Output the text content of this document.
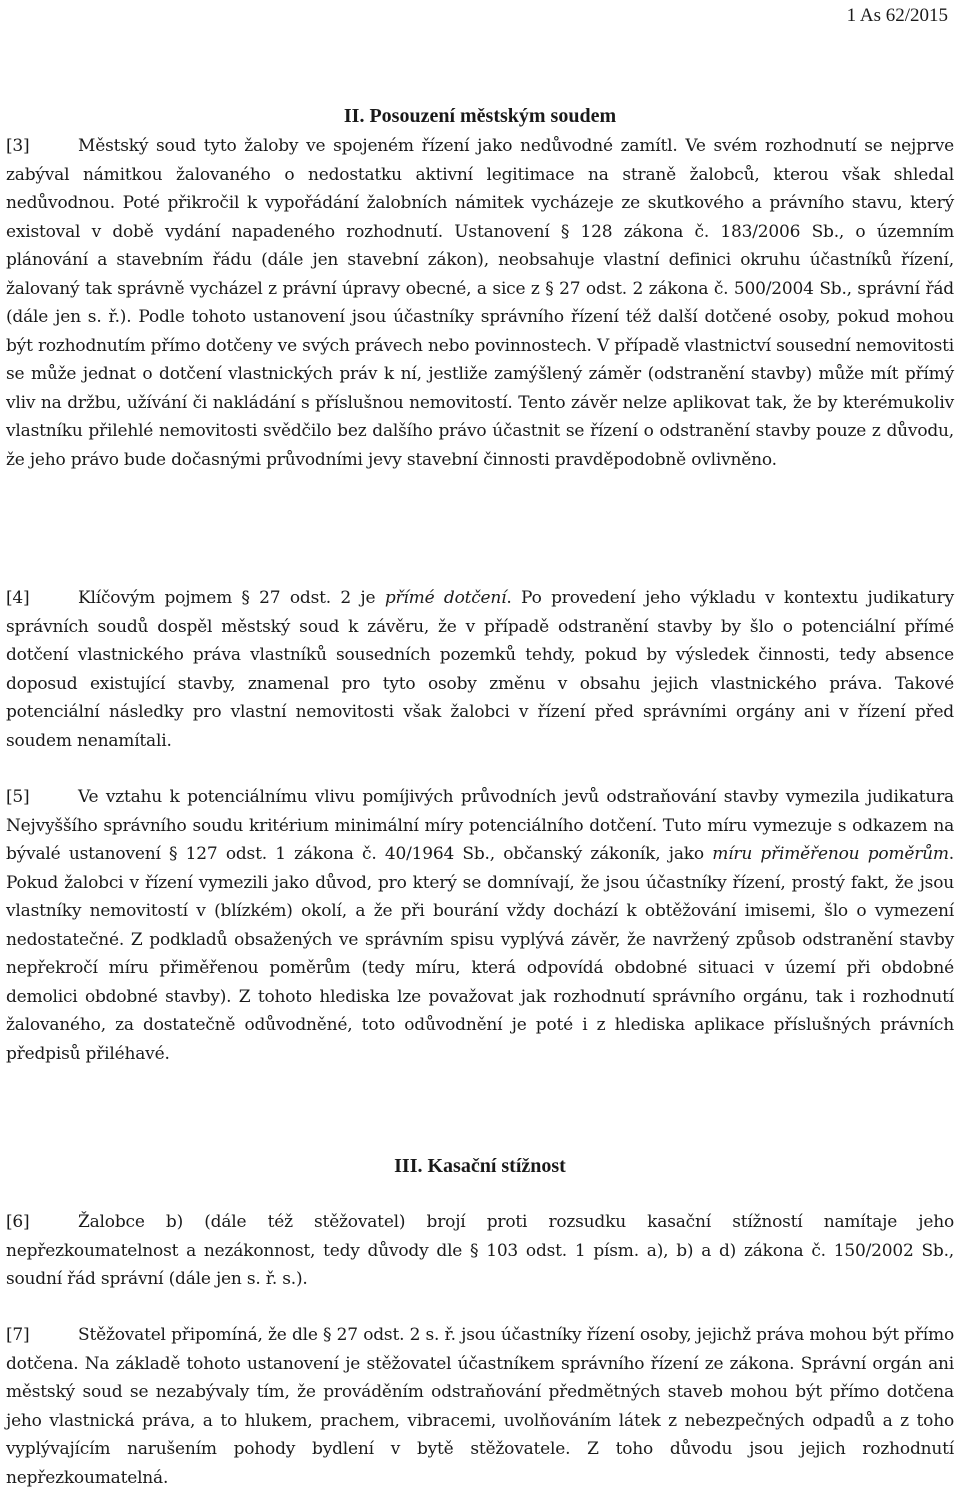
1 As 62/2015
II. Posouzení městským soudem
[3]	Městský soud tyto žaloby ve spojeném řízení jako nedůvodné zamítl. Ve svém rozhodnutí se nejprve zabýval námitkou žalovaného o nedostatku aktivní legitimace na straně žalobců, kterou však shledal nedůvodnou. Poté přikročil k vypořádání žalobních námitek vycházeje ze skutkového a právního stavu, který existoval v době vydání napadeného rozhodnutí. Ustanovení § 128 zákona č. 183/2006 Sb., o územním plánování a stavebním řádu (dále jen stavební zákon), neobsahuje vlastní definici okruhu účastníků řízení, žalovaný tak správně vycházel z právní úpravy obecné, a sice z § 27 odst. 2 zákona č. 500/2004 Sb., správní řád (dále jen s. ř.). Podle tohoto ustanovení jsou účastníky správního řízení též další dotčené osoby, pokud mohou být rozhodnutím přímo dotčeny ve svých právech nebo povinnostech. V případě vlastnictví sousední nemovitosti se může jednat o dotčení vlastnických práv k ní, jestliže zamýšlený záměr (odstranění stavby) může mít přímý vliv na držbu, užívání či nakládání s příslušnou nemovitostí. Tento závěr nelze aplikovat tak, že by kterémukoliv vlastníku přilehlé nemovitosti svědčilo bez dalšího právo účastnit se řízení o odstranění stavby pouze z důvodu, že jeho právo bude dočasnými průvodními jevy stavební činnosti pravděpodobně ovlivněno.
[4]	Klíčovým pojmem § 27 odst. 2 je přímé dotčení. Po provedení jeho výkladu v kontextu judikatury správních soudů dospěl městský soud k závěru, že v případě odstranění stavby by šlo o potenciální přímé dotčení vlastnického práva vlastníků sousedních pozemků tehdy, pokud by výsledek činnosti, tedy absence doposud existující stavby, znamenal pro tyto osoby změnu v obsahu jejich vlastnického práva. Takové potenciální následky pro vlastní nemovitosti však žalobci v řízení před správními orgány ani v řízení před soudem nenamítali.
[5]	Ve vztahu k potenciálnímu vlivu pomíjivých průvodních jevů odstraňování stavby vymezila judikatura Nejvyššího správního soudu kritérium minimální míry potenciálního dotčení. Tuto míru vymezuje s odkazem na bývalé ustanovení § 127 odst. 1 zákona č. 40/1964 Sb., občanský zákoník, jako míru přiměřenou poměrům. Pokud žalobci v řízení vymezili jako důvod, pro který se domnívají, že jsou účastníky řízení, prostý fakt, že jsou vlastníky nemovitostí v (blízkém) okolí, a že při bourání vždy dochází k obtěžování imisemi, šlo o vymezení nedostatečné. Z podkladů obsažených ve správním spisu vyplývá závěr, že navržený způsob odstranění stavby nepřekročí míru přiměřenou poměrům (tedy míru, která odpovídá obdobné situaci v území při obdobné demolici obdobné stavby). Z tohoto hlediska lze považovat jak rozhodnutí správního orgánu, tak i rozhodnutí žalovaného, za dostatečně odůvodněné, toto odůvodnění je poté i z hlediska aplikace příslušných právních předpisů přiléhavé.
III. Kasační stížnost
[6]	Žalobce b) (dále též stěžovatel) brojí proti rozsudku kasační stížností namítaje jeho nepřezkoumatelnost a nezákonnost, tedy důvody dle § 103 odst. 1 písm. a), b) a d) zákona č. 150/2002 Sb., soudní řád správní (dále jen s. ř. s.).
[7]	Stěžovatel připomíná, že dle § 27 odst. 2 s. ř. jsou účastníky řízení osoby, jejichž práva mohou být přímo dotčena. Na základě tohoto ustanovení je stěžovatel účastníkem správního řízení ze zákona. Správní orgán ani městský soud se nezabývaly tím, že prováděním odstraňování předmětných staveb mohou být přímo dotčena jeho vlastnická práva, a to hlukem, prachem, vibracemi, uvolňováním látek z nebezpečných odpadů a z toho vyplývajícím narušením pohody bydlení v bytě stěžovatele. Z toho důvodu jsou jejich rozhodnutí nepřezkoumatelná.
